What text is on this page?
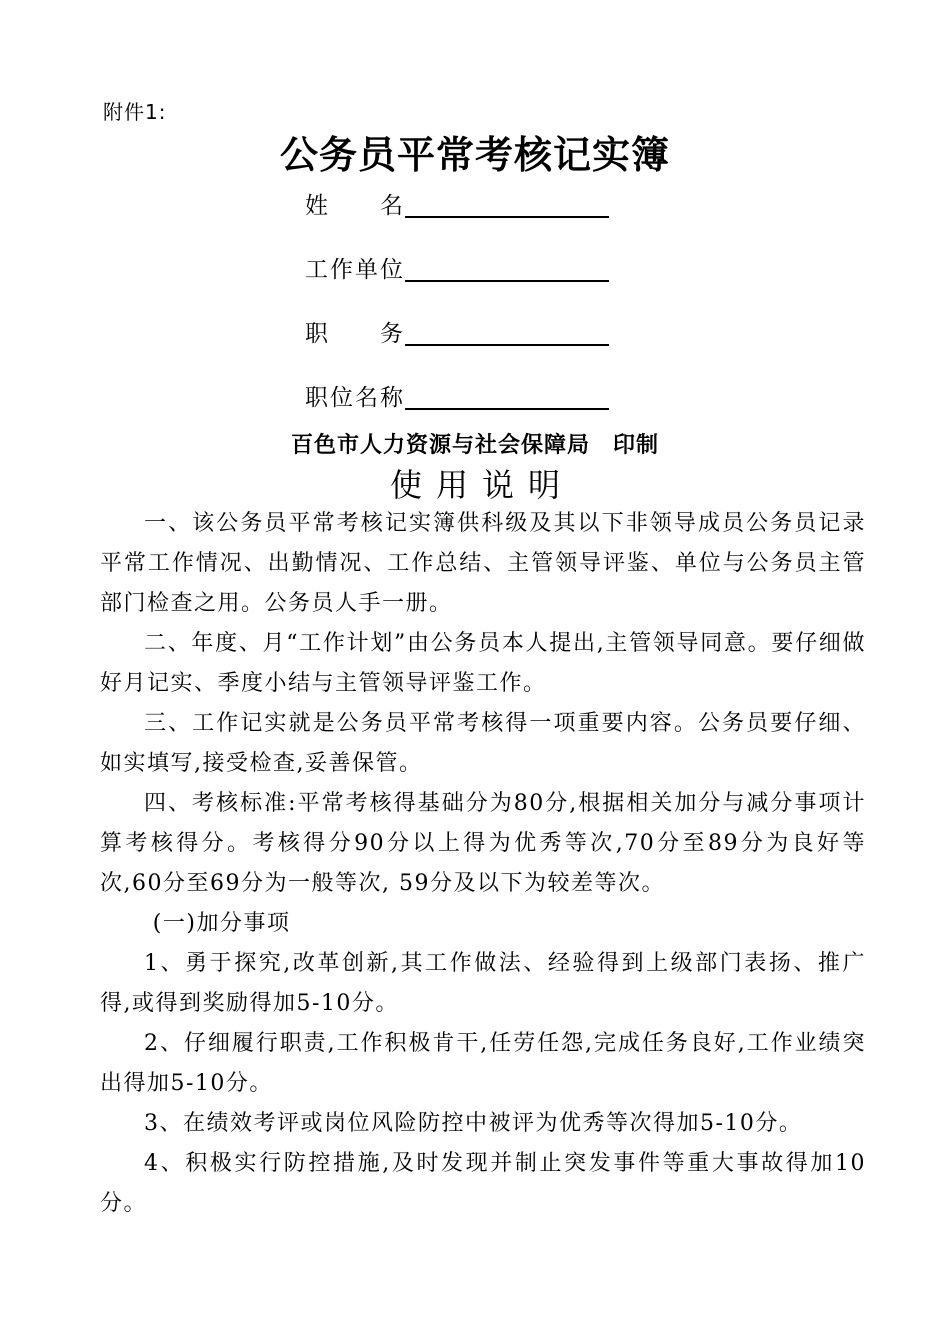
附件1:
公务员平常考核记实簿
姓　　名
工作单位
职　　务
职位名称
百色市人力资源与社会保障局　印制
使用说明

一、该公务员平常考核记实簿供科级及其以下非领导成员公务员记录平常工作情况、出勤情况、工作总结、主管领导评鉴、单位与公务员主管部门检查之用。公务员人手一册。

二、年度、月“工作计划”由公务员本人提出,主管领导同意。要仔细做好月记实、季度小结与主管领导评鉴工作。

三、工作记实就是公务员平常考核得一项重要内容。公务员要仔细、如实填写,接受检查,妥善保管。

四、考核标准:平常考核得基础分为80分,根据相关加分与减分事项计算考核得分。考核得分90分以上得为优秀等次,70分至89分为良好等次,60分至69分为一般等次, 59分及以下为较差等次。

(一)加分事项

1、勇于探究,改革创新,其工作做法、经验得到上级部门表扬、推广得,或得到奖励得加5-10分。

2、仔细履行职责,工作积极肯干,任劳任怨,完成任务良好,工作业绩突出得加5-10分。

3、在绩效考评或岗位风险防控中被评为优秀等次得加5-10分。

4、积极实行防控措施,及时发现并制止突发事件等重大事故得加10分。
